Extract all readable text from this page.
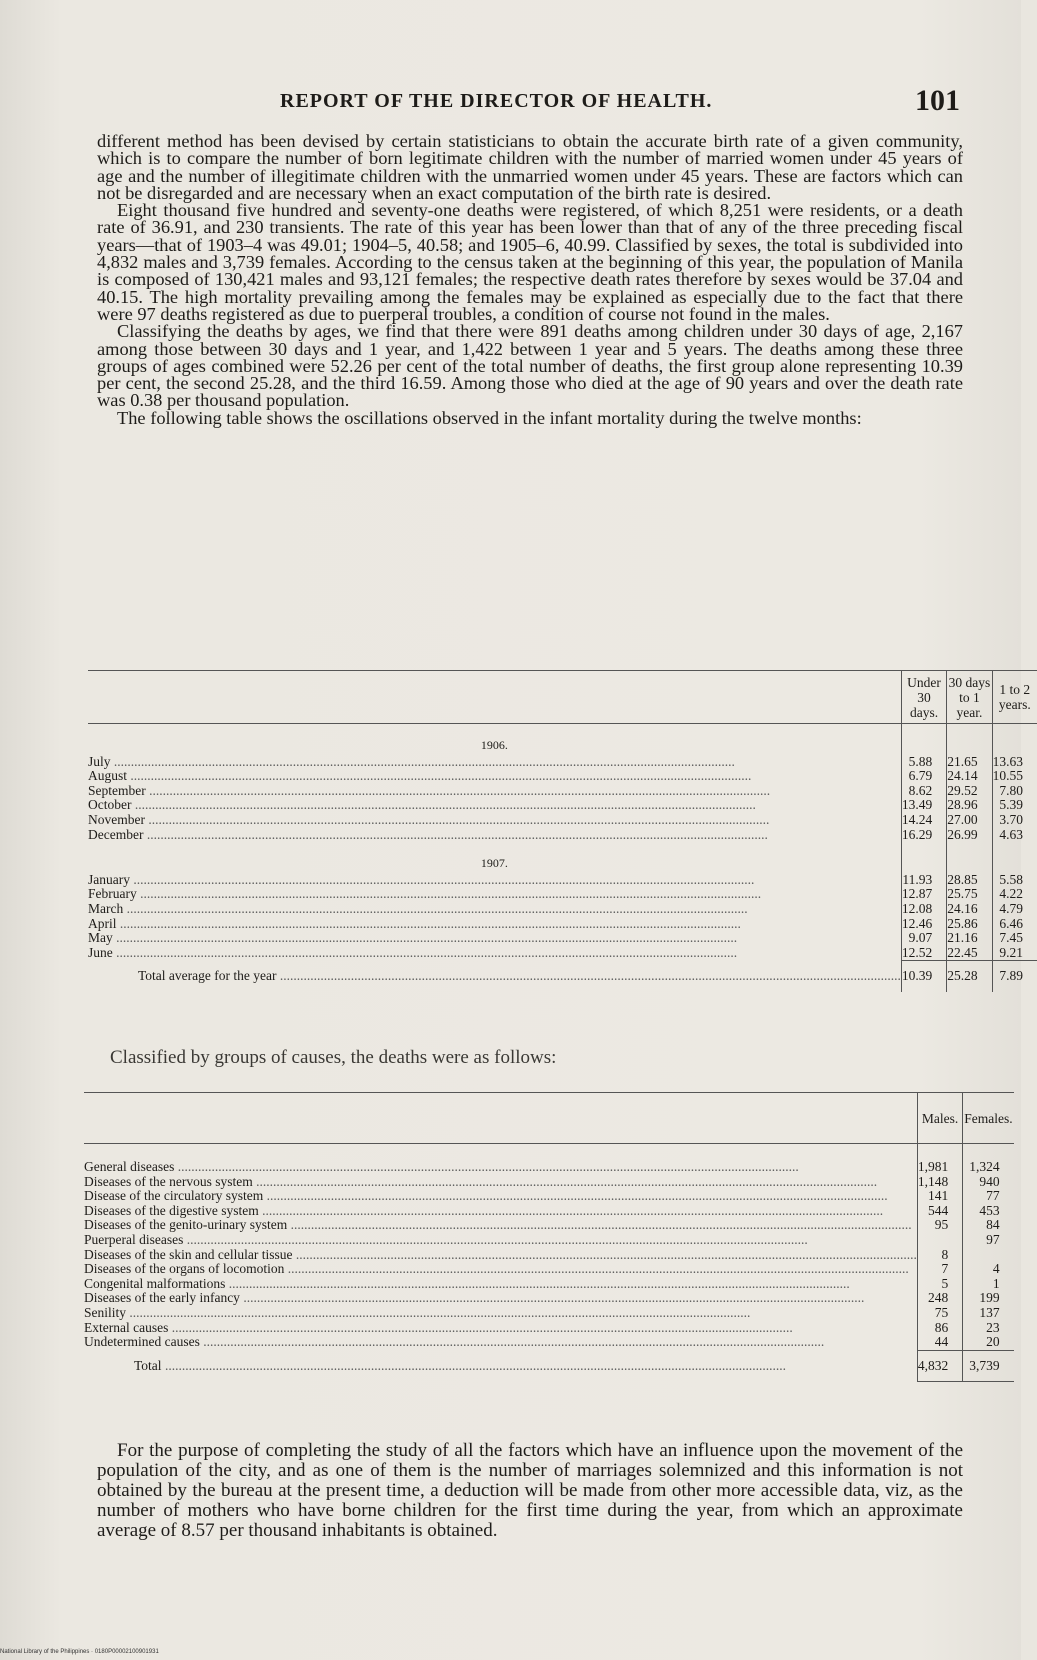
REPORT OF THE DIRECTOR OF HEALTH.	101

different method has been devised by certain statisticians to obtain the accurate birth rate of a given community, which is to compare the number of born legitimate children with the number of married women under 45 years of age and the number of illegitimate children with the unmarried women under 45 years. These are factors which can not be disregarded and are necessary when an exact computation of the birth rate is desired.

Eight thousand five hundred and seventy-one deaths were registered, of which 8,251 were residents, or a death rate of 36.91, and 230 transients. The rate of this year has been lower than that of any of the three preceding fiscal years—that of 1903–4 was 49.01; 1904–5, 40.58; and 1905–6, 40.99. Classified by sexes, the total is subdivided into 4,832 males and 3,739 females. According to the census taken at the beginning of this year, the population of Manila is composed of 130,421 males and 93,121 females; the respective death rates therefore by sexes would be 37.04 and 40.15. The high mortality prevailing among the females may be explained as especially due to the fact that there were 97 deaths registered as due to puerperal troubles, a condition of course not found in the males.

Classifying the deaths by ages, we find that there were 891 deaths among children under 30 days of age, 2,167 among those between 30 days and 1 year, and 1,422 between 1 year and 5 years. The deaths among these three groups of ages combined were 52.26 per cent of the total number of deaths, the first group alone representing 10.39 per cent, the second 25.28, and the third 16.59. Among those who died at the age of 90 years and over the death rate was 0.38 per thousand population.

The following table shows the oscillations observed in the infant mortality during the twelve months:

	Under 30 days.	30 days to 1 year.	1 to 2 years.
1906.			
July .....	5.88	21.65	13.63
August .....	6.79	24.14	10.55
September .....	8.62	29.52	7.80
October .....	13.49	28.96	5.39
November .....	14.24	27.00	3.70
December .....	16.29	26.99	4.63
1907.			
January .....	11.93	28.85	5.58
February .....	12.87	25.75	4.22
March .....	12.08	24.16	4.79
April .....	12.46	25.86	6.46
May .....	9.07	21.16	7.45
June .....	12.52	22.45	9.21
Total average for the year .....	10.39	25.28	7.89
Classified by groups of causes, the deaths were as follows:
	Males.	Females.

General diseases .....	1,981	1,324
Diseases of the nervous system .....	1,148	940
Disease of the circulatory system .....	141	77
Diseases of the digestive system .....	544	453
Diseases of the genito-urinary system .....	95	84
Puerperal diseases .....		97
Diseases of the skin and cellular tissue .....	8	
Diseases of the organs of locomotion .....	7	4
Congenital malformations .....	5	1
Diseases of the early infancy .....	248	199
Senility .....	75	137
External causes .....	86	23
Undetermined causes .....	44	20
Total .....	4,832	3,739

For the purpose of completing the study of all the factors which have an influence upon the movement of the population of the city, and as one of them is the number of marriages solemnized and this information is not obtained by the bureau at the present time, a deduction will be made from other more accessible data, viz, as the number of mothers who have borne children for the first time during the year, from which an approximate average of 8.57 per thousand inhabitants is obtained.

National Library of the Philippines · 0180P00002100901931
